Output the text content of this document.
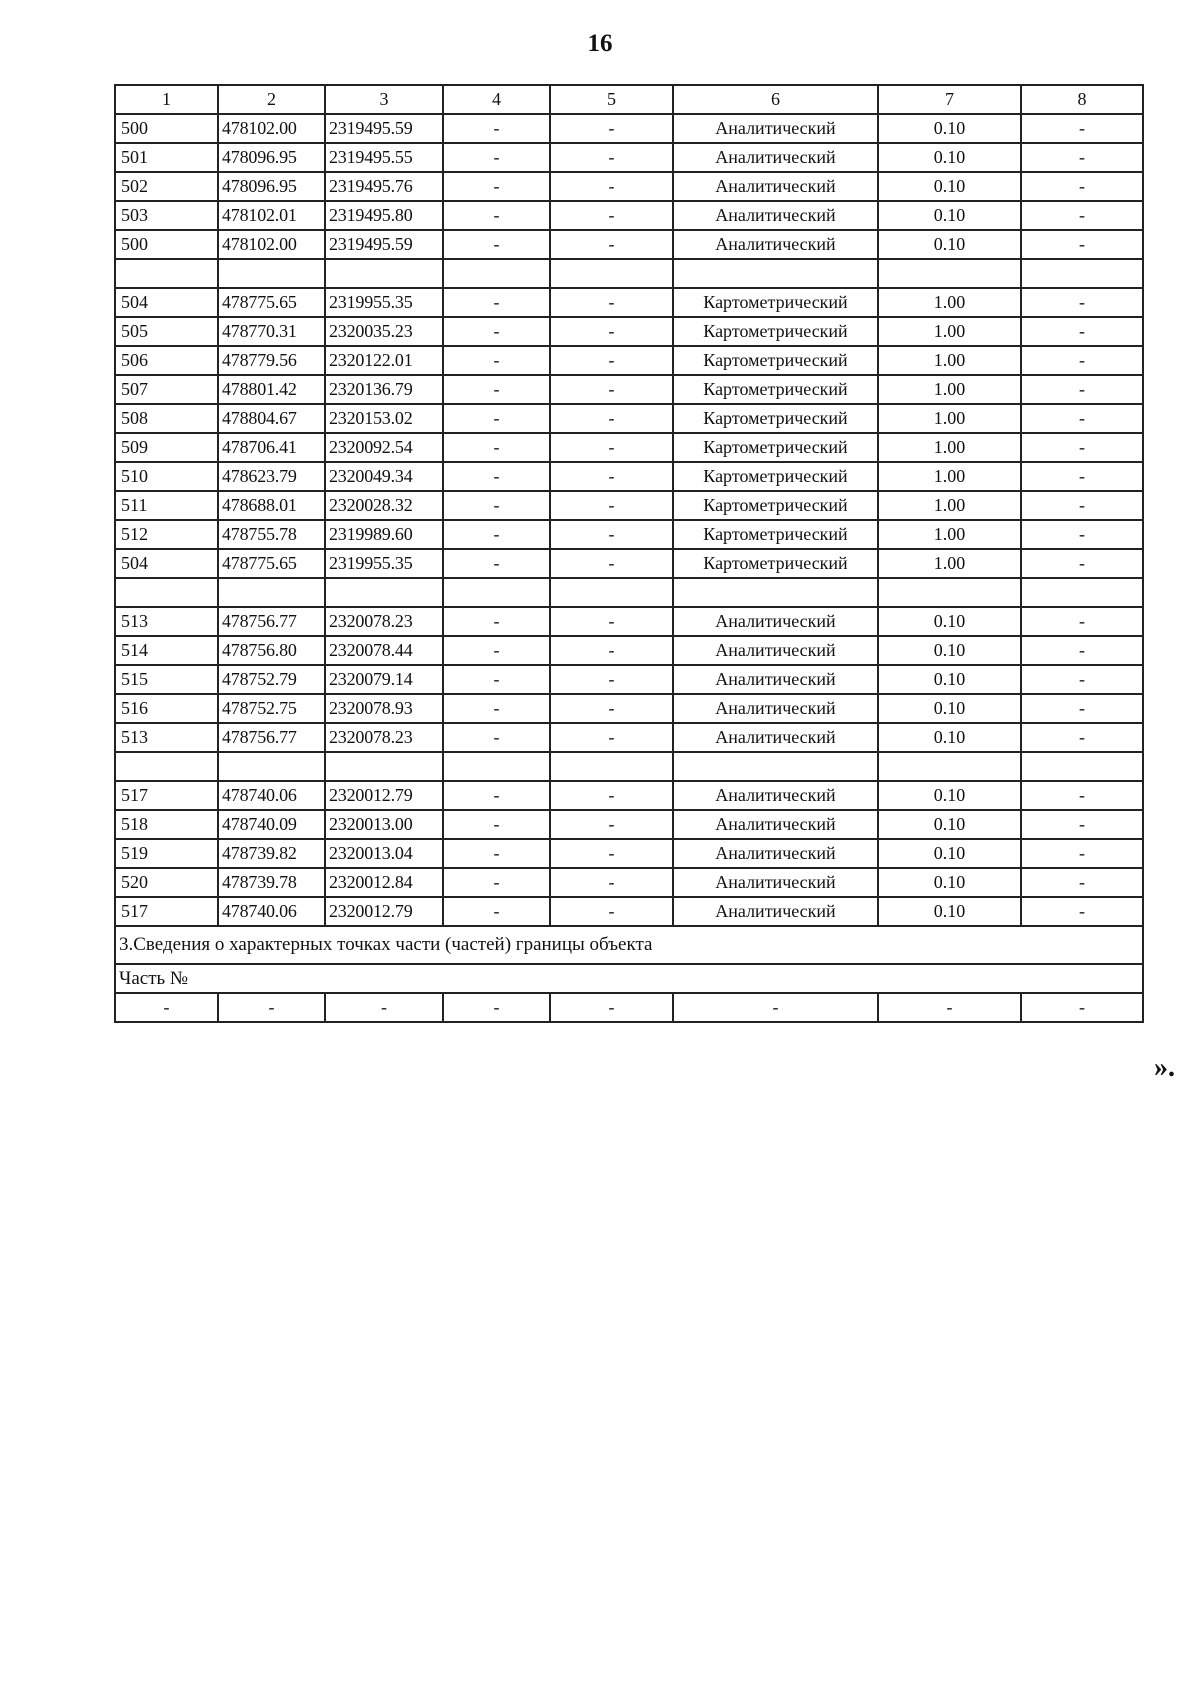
16
1	2	3	4	5	6	7	8
500	478102.00	2319495.59	-	-	Аналитический	0.10	-
501	478096.95	2319495.55	-	-	Аналитический	0.10	-
502	478096.95	2319495.76	-	-	Аналитический	0.10	-
503	478102.01	2319495.80	-	-	Аналитический	0.10	-
500	478102.00	2319495.59	-	-	Аналитический	0.10	-

504	478775.65	2319955.35	-	-	Картометрический	1.00	-
505	478770.31	2320035.23	-	-	Картометрический	1.00	-
506	478779.56	2320122.01	-	-	Картометрический	1.00	-
507	478801.42	2320136.79	-	-	Картометрический	1.00	-
508	478804.67	2320153.02	-	-	Картометрический	1.00	-
509	478706.41	2320092.54	-	-	Картометрический	1.00	-
510	478623.79	2320049.34	-	-	Картометрический	1.00	-
511	478688.01	2320028.32	-	-	Картометрический	1.00	-
512	478755.78	2319989.60	-	-	Картометрический	1.00	-
504	478775.65	2319955.35	-	-	Картометрический	1.00	-

513	478756.77	2320078.23	-	-	Аналитический	0.10	-
514	478756.80	2320078.44	-	-	Аналитический	0.10	-
515	478752.79	2320079.14	-	-	Аналитический	0.10	-
516	478752.75	2320078.93	-	-	Аналитический	0.10	-
513	478756.77	2320078.23	-	-	Аналитический	0.10	-

517	478740.06	2320012.79	-	-	Аналитический	0.10	-
518	478740.09	2320013.00	-	-	Аналитический	0.10	-
519	478739.82	2320013.04	-	-	Аналитический	0.10	-
520	478739.78	2320012.84	-	-	Аналитический	0.10	-
517	478740.06	2320012.79	-	-	Аналитический	0.10	-
3.Сведения о характерных точках части (частей) границы объекта							
Часть №							
-	-	-	-	-	-	-	-
».
